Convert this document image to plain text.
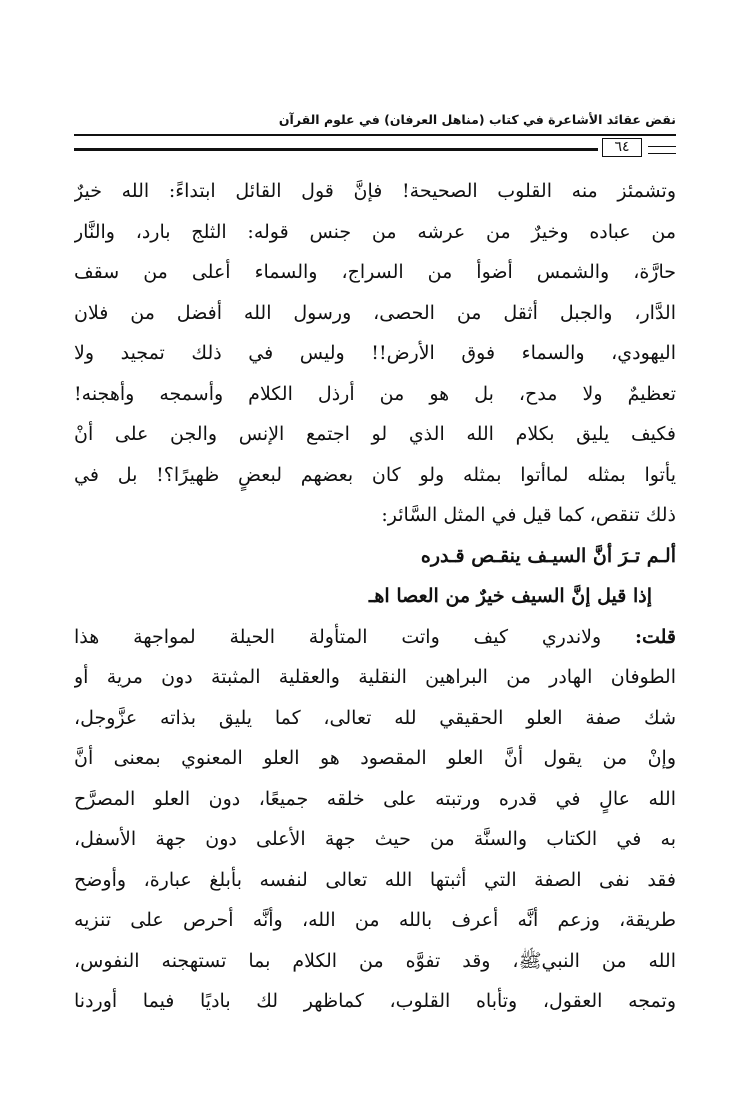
نقض عقائد الأشاعرة في كتاب (مناهل العرفان) في علوم القرآن
٦٤
وتشمئز منه القلوب الصحيحة! فإنَّ قول القائل ابتداءً: الله خيرٌ
من عباده وخيرٌ من عرشه من جنس قوله: الثلج بارد، والنَّار
حارَّة، والشمس أضوأ من السراج، والسماء أعلى من سقف
الدَّار، والجبل أثقل من الحصى، ورسول الله أفضل من فلان
اليهودي، والسماء فوق الأرض!! وليس في ذلك تمجيد ولا
تعظيمٌ ولا مدح، بل هو من أرذل الكلام وأسمجه وأهجنه!
فكيف يليق بكلام الله الذي لو اجتمع الإنس والجن على أنْ
يأتوا بمثله لماأتوا بمثله ولو كان بعضهم لبعضٍ ظهيرًا؟! بل في
ذلك تنقص، كما قيل في المثل السَّائر:
ألـم تـرَ أنَّ السيـف ينقـص قـدره
إذا قيل إنَّ السيف خيرٌ من العصا اهـ
قلت: ولاندري كيف واتت المتأولة الحيلة لمواجهة هذا
الطوفان الهادر من البراهين النقلية والعقلية المثبتة دون مرية أو
شك صفة العلو الحقيقي لله تعالى، كما يليق بذاته عزَّوجل،
وإنْ من يقول أنَّ العلو المقصود هو العلو المعنوي بمعنى أنَّ
الله عالٍ في قدره ورتبته على خلقه جميعًا، دون العلو المصرَّح
به في الكتاب والسنَّة من حيث جهة الأعلى دون جهة الأسفل،
فقد نفى الصفة التي أثبتها الله تعالى لنفسه بأبلغ عبارة، وأوضح
طريقة، وزعم أنَّه أعرف بالله من الله، وأنَّه أحرص على تنزيه
الله من النبيﷺ، وقد تفوَّه من الكلام بما تستهجنه النفوس،
وتمجه العقول، وتأباه القلوب، كماظهر لك باديًا فيما أوردنا
